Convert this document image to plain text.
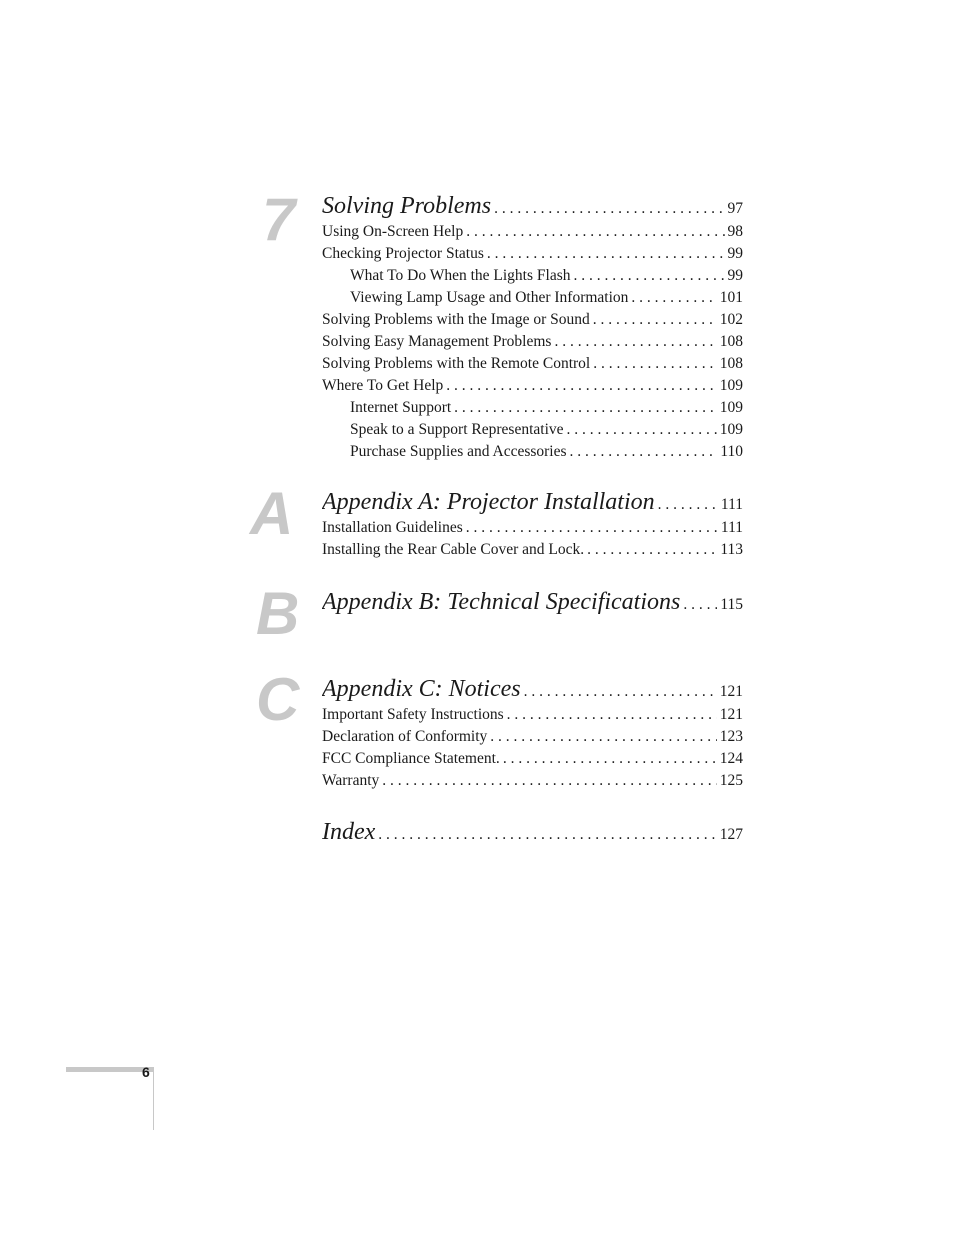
7 Solving Problems . . .	97
Using On-Screen Help . . .	98
Checking Projector Status . . .	99
What To Do When the Lights Flash . . .	99
Viewing Lamp Usage and Other Information . . .	101
Solving Problems with the Image or Sound . . .	102
Solving Easy Management Problems . . .	108
Solving Problems with the Remote Control . . .	108
Where To Get Help . . .	109
Internet Support . . .	109
Speak to a Support Representative . . .	109
Purchase Supplies and Accessories . . .	110
A Appendix A: Projector Installation . . .	111
Installation Guidelines . . .	111
Installing the Rear Cable Cover and Lock. . . .	113
B Appendix B: Technical Specifications . . .	115
C Appendix C: Notices . . .	121
Important Safety Instructions . . .	121
Declaration of Conformity . . .	123
FCC Compliance Statement. . . .	124
Warranty . . .	125
Index . . .	127
6
